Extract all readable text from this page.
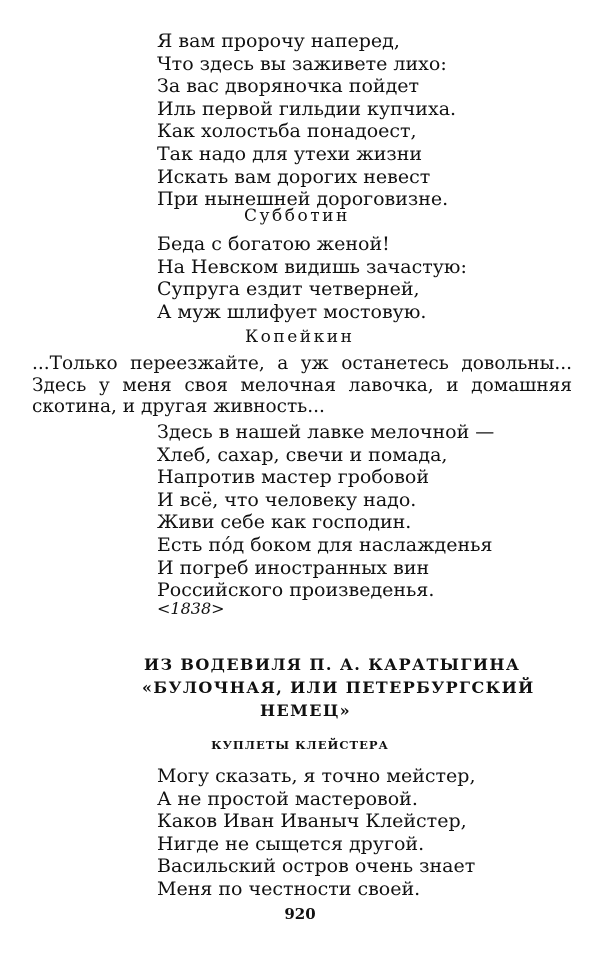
Я вам пророчу наперед,
Что здесь вы заживете лихо:
За вас дворяночка пойдет
Иль первой гильдии купчиха.
Как холостьба понадоест,
Так надо для утехи жизни
Искать вам дорогих невест
При нынешней дороговизне.
Субботин
Беда с богатою женой!
На Невском видишь зачастую:
Супруга ездит четверней,
А муж шлифует мостовую.
Копейкин

...Только переезжайте, а уж останетесь довольны... Здесь у меня своя мелочная лавочка, и домашняя скотина, и другая живность...

Здесь в нашей лавке мелочной —
Хлеб, сахар, свечи и помада,
Напротив мастер гробовой
И всё, что человеку надо.
Живи себе как господин.
Есть по́д боком для наслажденья
И погреб иностранных вин
Российского произведенья.
<1838>
ИЗ ВОДЕВИЛЯ П. А. КАРАТЫГИНА
«БУЛОЧНАЯ, ИЛИ ПЕТЕРБУРГСКИЙ
НЕМЕЦ»
КУПЛЕТЫ КЛЕЙСТЕРА
Могу сказать, я точно мейстер,
А не простой мастеровой.
Каков Иван Иваныч Клейстер,
Нигде не сыщется другой.
Васильский остров очень знает
Меня по честности своей.
920
